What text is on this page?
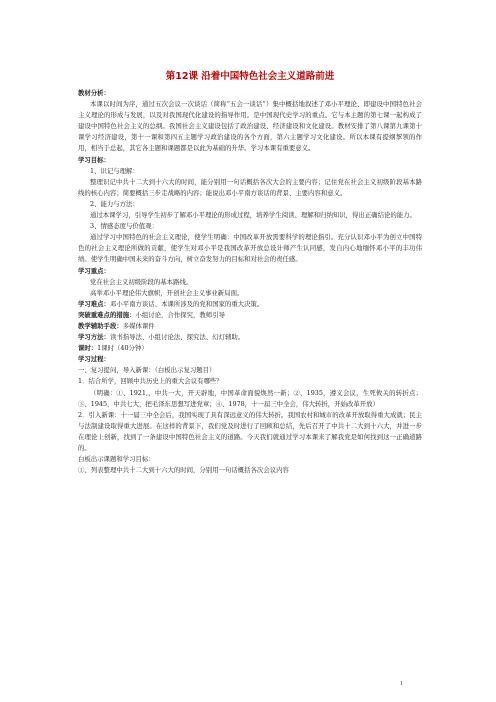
第12课 沿着中国特色社会主义道路前进

教材分析：

本课以时间为序，通过五次会议一次谈话（简称“五会一谈话”）集中概括地叙述了邓小平理论、即建设中国特色社会主义理论的形成与发展，以及对我国现代化建设的指导作用。是中国现代史学习的重点。它与本主题的第七课一起构成了建设中国特色社会主义的总纲。我国社会主义建设包括了政治建设、经济建设和文化建设。教材安排了第八课第九课第十课学习经济建设，第十一课和第四五主题学习政治建设的各个方面，第六主题学习文化建设。所以本课有提纲挈领的作用，相当于总起，其它各主题和课题都是以此为基础的升华。学习本课有重要意义。

学习目标：

1、识记与理解：

整理识记中共十二大到十六大的时间，能分别用一句话概括各次大会的主要内容；记住党在社会主义初级阶段基本路线的核心内容；简要概括三步走战略的内容；能说出邓小平南方谈话的背景、主要内容和意义。

2、能力与方法：

通过本课学习，引导学生初步了解邓小平理论的形成过程，培养学生阅读、理解和归纳知识，得出正确结论的能力。

3、情感态度与价值观：

通过学习中国特色的社会主义理论，使学生明确：中国改革开放需要科学的理论指引。充分认识邓小平为创立中国特色的社会主义理论所做的贡献，使学生对邓小平是我国改革开放总设计师产生认同感，发自内心地缅怀邓小平的丰功伟绩。使学生明确中国未来的奋斗方向，树立奋发努力的目标和对社会的责任感。

学习重点：

党在社会主义初级阶段的基本路线。

高举邓小平理论伟大旗帜，开创社会主义事业新局面。

学习难点：邓小平南方谈话、本课所涉及的党和国家的重大决策。

突破重难点的措施：小组讨论，合作探究，教师引导

教学辅助手段：多媒体课件

学习方法：读书指导法、小组讨论法、探究法、幻灯辅助。

课时：1课时（40分钟）

学习过程：

一、复习提问，导入新课：（白板出示复习题目）

1．结合所学，回顾中共历史上的重大会议有哪些？

（明确：①、1921,，中共一大，开天辟地，中国革命面貌焕然一新；②、1935，遵义会议，生死攸关的转折点；③、1945，中共七大，把毛泽东思想写进党章；④、1978，十一届三中全会，伟大转折，开始改革开放）

2．引入新课：十一届三中全会后，我国实现了具有深远意义的伟大转折。我国农村和城市的改革开放取得重大成就；民主与法制建设取得重大进展。在这样的背景下，我们党及时进行了回顾和总结，先后召开了中共十二大到十六大，并进一步在理论上创新，找到了一条建设中国特色社会主义的道路。今天我们就通过学习本课来了解我党是如何找到这一正确道路的。

白板出示课题和学习目标：

①、列表整理中共十二大到十六大的时间，分别用一句话概括各次会议内容

1
